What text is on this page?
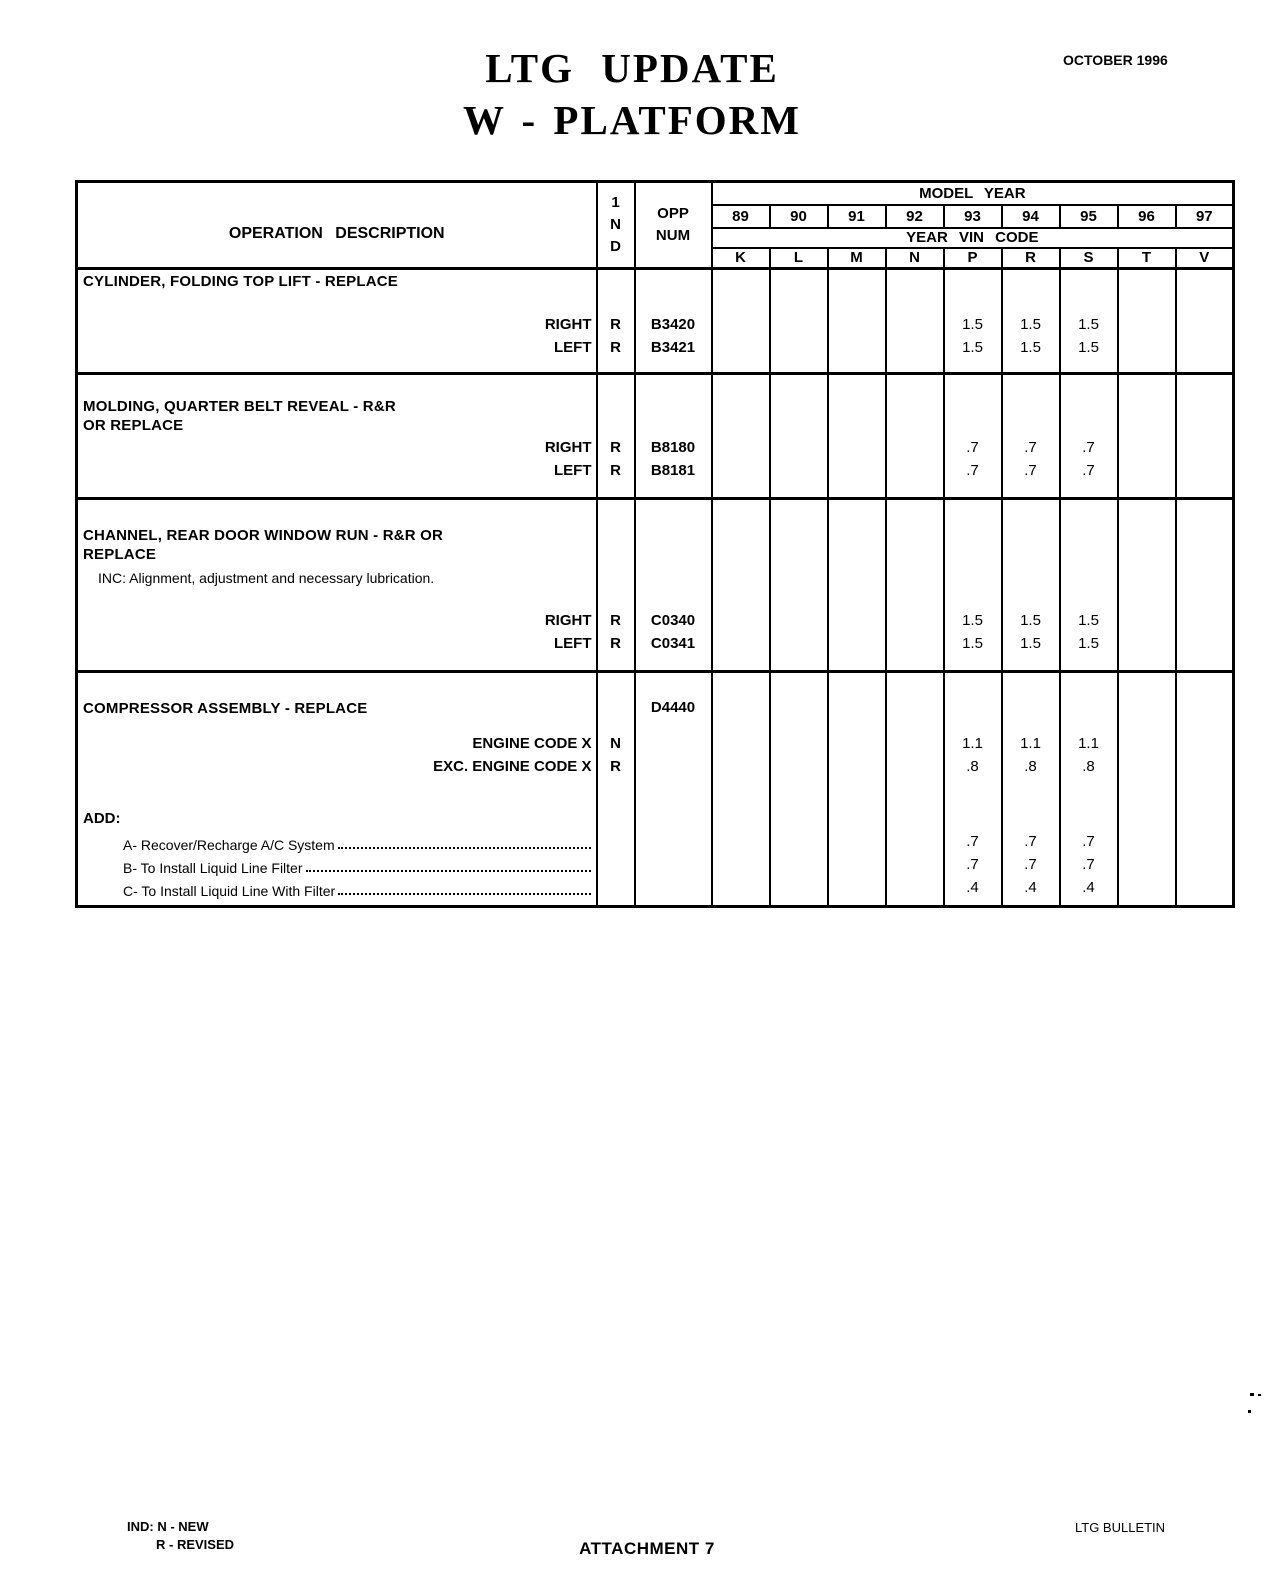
LTG UPDATE
W - PLATFORM
OCTOBER 1996
OPERATION DESCRIPTION	
1
N
D

OPP
NUM
	MODEL YEAR
			89	90	91	92	93	94	95	96	97
			YEAR VIN CODE								
			K	L	M	N	P	R	S	T	V

CYLINDER, FOLDING TOP LIFT - REPLACE											

RIGHT	R	B3420					1.5	1.5	1.5		
LEFT	R	B3421					1.5	1.5	1.5		

MOLDING, QUARTER BELT REVEAL - R&R
OR REPLACE											

RIGHT	R	B8180					.7	.7	.7		
LEFT	R	B8181					.7	.7	.7		

CHANNEL, REAR DOOR WINDOW RUN - R&R OR
REPLACE
INC: Alignment, adjustment and necessary lubrication.											

RIGHT	R	C0340					1.5	1.5	1.5		
LEFT	R	C0341					1.5	1.5	1.5		

COMPRESSOR ASSEMBLY - REPLACE		D4440									
ENGINE CODE X	N						1.1	1.1	1.1		
EXC. ENGINE CODE X	R						.8	.8	.8		

ADD:											

A- Recover/Recharge A/C System							.7	.7	.7		

B- To Install Liquid Line Filter							.7	.7	.7		

C- To Install Liquid Line With Filter							.4	.4	.4		

IND: N - NEW
R - REVISED	ATTACHMENT 7
LTG BULLETIN
